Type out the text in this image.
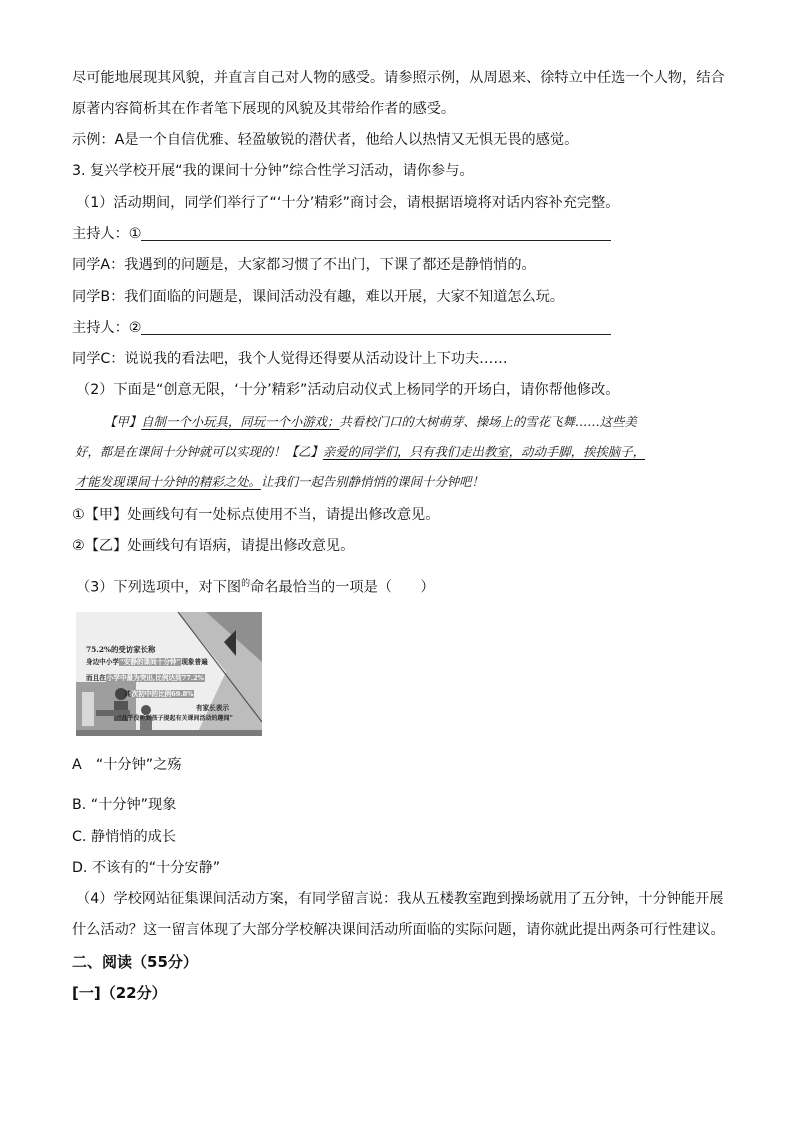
尽可能地展现其风貌，并直言自己对人物的感受。请参照示例，从周恩来、徐特立中任选一个人物，结合
原著内容简析其在作者笔下展现的风貌及其带给作者的感受。
示例：A是一个自信优雅、轻盈敏锐的潜伏者，他给人以热情又无惧无畏的感觉。
3. 复兴学校开展“我的课间十分钟”综合性学习活动，请你参与。
（1）活动期间，同学们举行了“‘十分’精彩”商讨会，请根据语境将对话内容补充完整。
主持人：①
同学A：我遇到的问题是，大家都习惯了不出门，下课了都还是静悄悄的。
同学B：我们面临的问题是，课间活动没有趣，难以开展，大家不知道怎么玩。
主持人：②
同学C：说说我的看法吧，我个人觉得还得要从活动设计上下功夫……
（2）下面是“创意无限，‘十分’精彩”活动启动仪式上杨同学的开场白，请你帮他修改。
【甲】自制一个小玩具，同玩一个小游戏；共看校门口的大树萌芽、操场上的雪花飞舞……这些美
好，都是在课间十分钟就可以实现的！【乙】亲爱的同学们，只有我们走出教室，动动手脚，挨挨脑子，
才能发现课间十分钟的精彩之处。让我们一起告别静悄悄的课间十分钟吧！
①【甲】处画线句有一处标点使用不当，请提出修改意见。
②【乙】处画线句有语病，请提出修改意见。
（3）下列选项中，对下图$^的$命名最恰当的一项是（　　）
75.2%的受访家长称
身边中小学“安静的课间十分钟”现象普遍
而且在小学中最为突出,比例达到77.2%
其次初中的比例69.8%
有家长表示
“几乎没听到孩子提起有关课间活动的趣闻”
A　“十分钟”之殇
B. “十分钟”现象
C. 静悄悄的成长
D. 不该有的“十分安静”
（4）学校网站征集课间活动方案，有同学留言说：我从五楼教室跑到操场就用了五分钟，十分钟能开展
什么活动？这一留言体现了大部分学校解决课间活动所面临的实际问题，请你就此提出两条可行性建议。
二、阅读（55分）
[一]（22分）
